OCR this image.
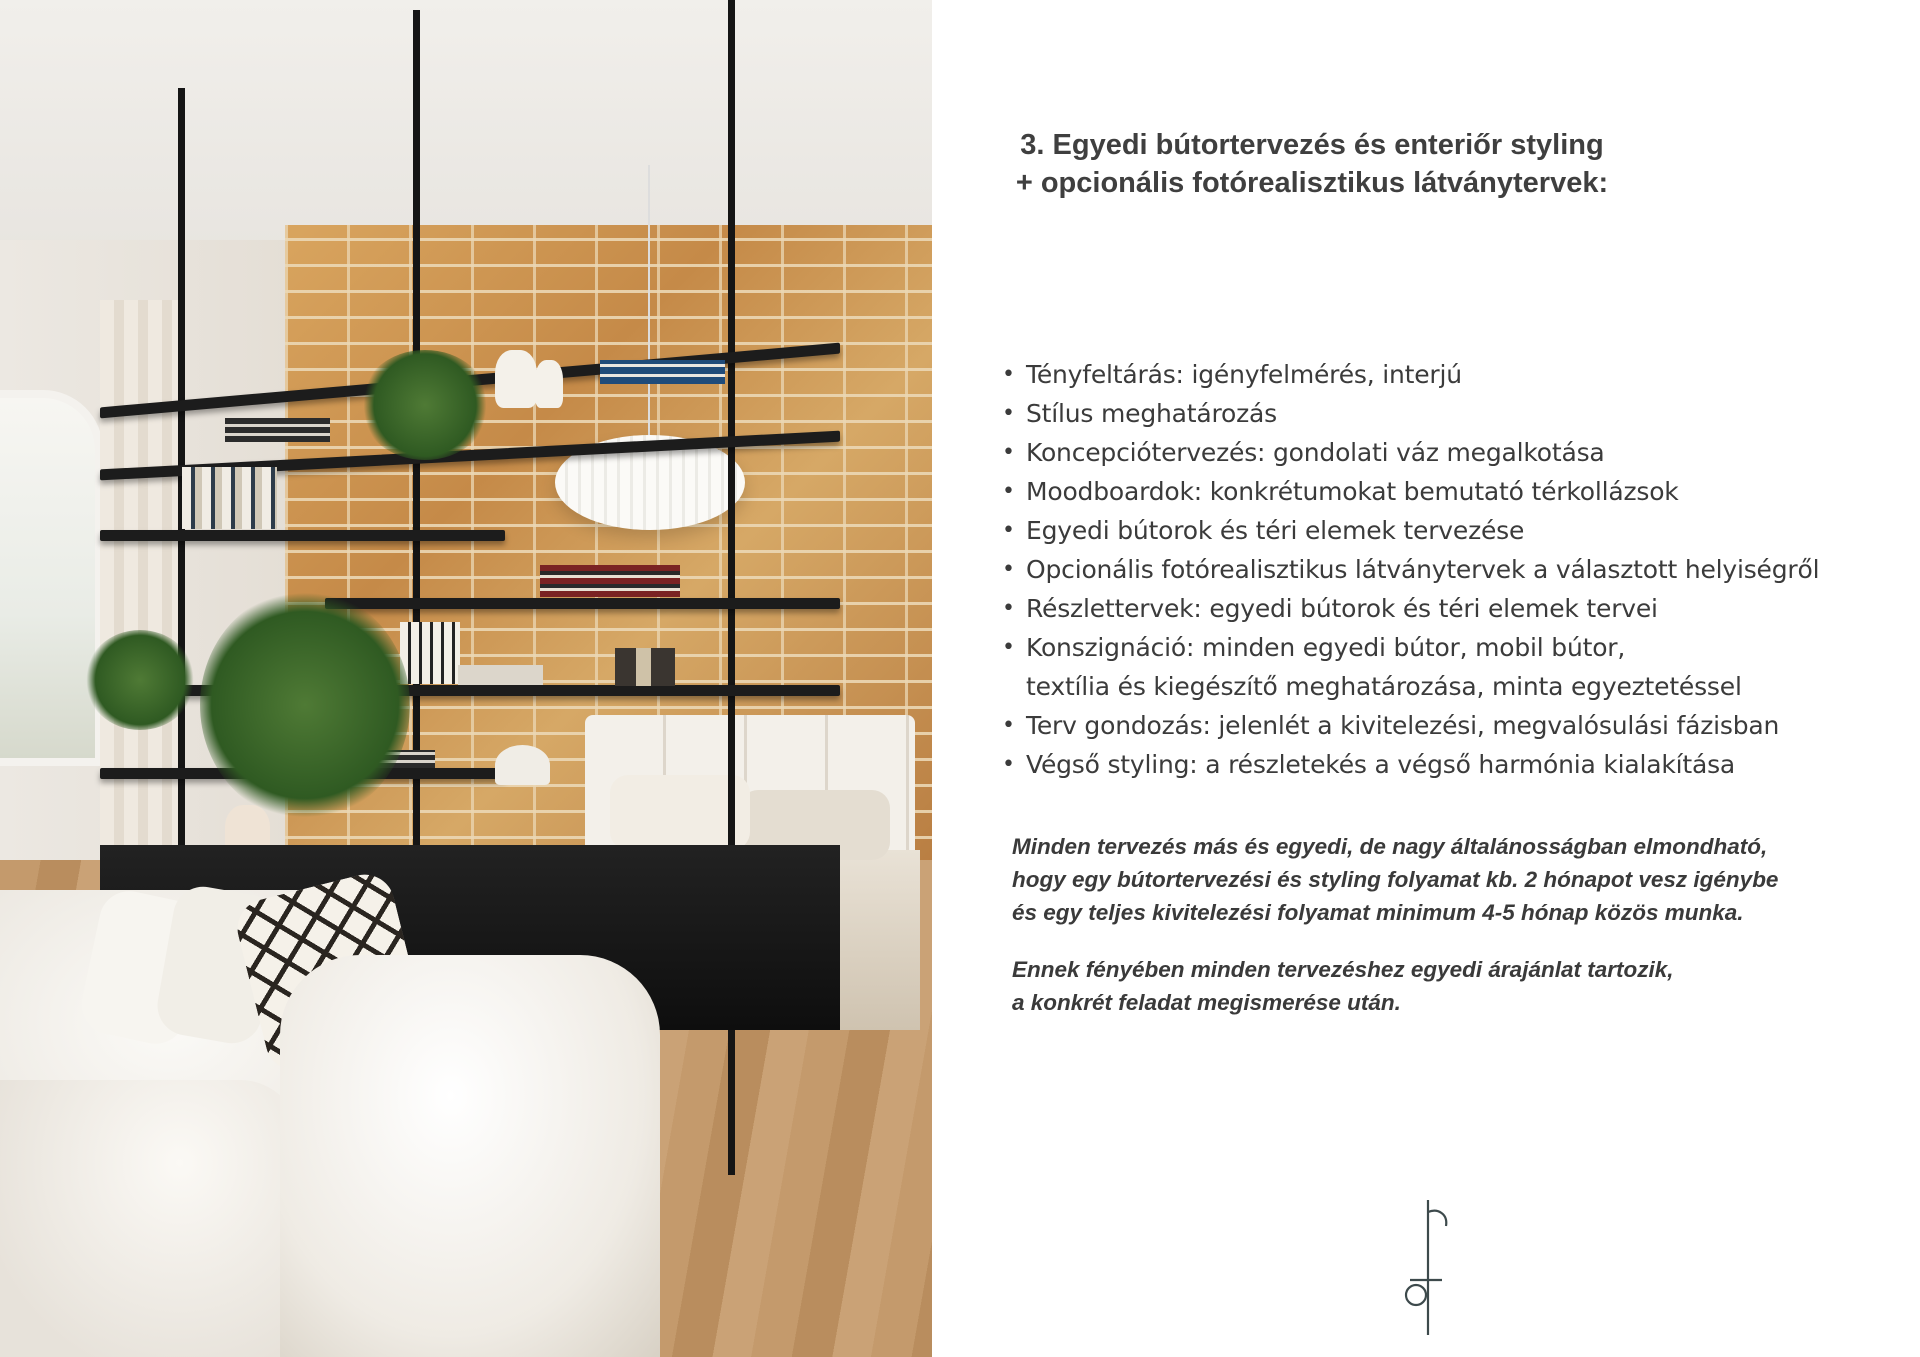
3. Egyedi bútortervezés és enteriőr styling
+ opcionális fotórealisztikus látványtervek:
• Tényfeltárás: igényfelmérés, interjú
• Stílus meghatározás
• Koncepciótervezés: gondolati váz megalkotása
• Moodboardok: konkrétumokat bemutató térkollázsok
• Egyedi bútorok és téri elemek tervezése
• Opcionális fotórealisztikus látványtervek a választott helyiségről
• Részlettervek: egyedi bútorok és téri elemek tervei
• Konszignáció: minden egyedi bútor, mobil bútor,
textília és kiegészítő meghatározása, minta egyeztetéssel
• Terv gondozás: jelenlét a kivitelezési, megvalósulási fázisban
• Végső styling: a részletekés a végső harmónia kialakítása
Minden tervezés más és egyedi, de nagy általánosságban elmondható,
hogy egy bútortervezési és styling folyamat kb. 2 hónapot vesz igénybe
és egy teljes kivitelezési folyamat minimum 4-5 hónap közös munka.
Ennek fényében minden tervezéshez egyedi árajánlat tartozik,
a konkrét feladat megismerése után.
